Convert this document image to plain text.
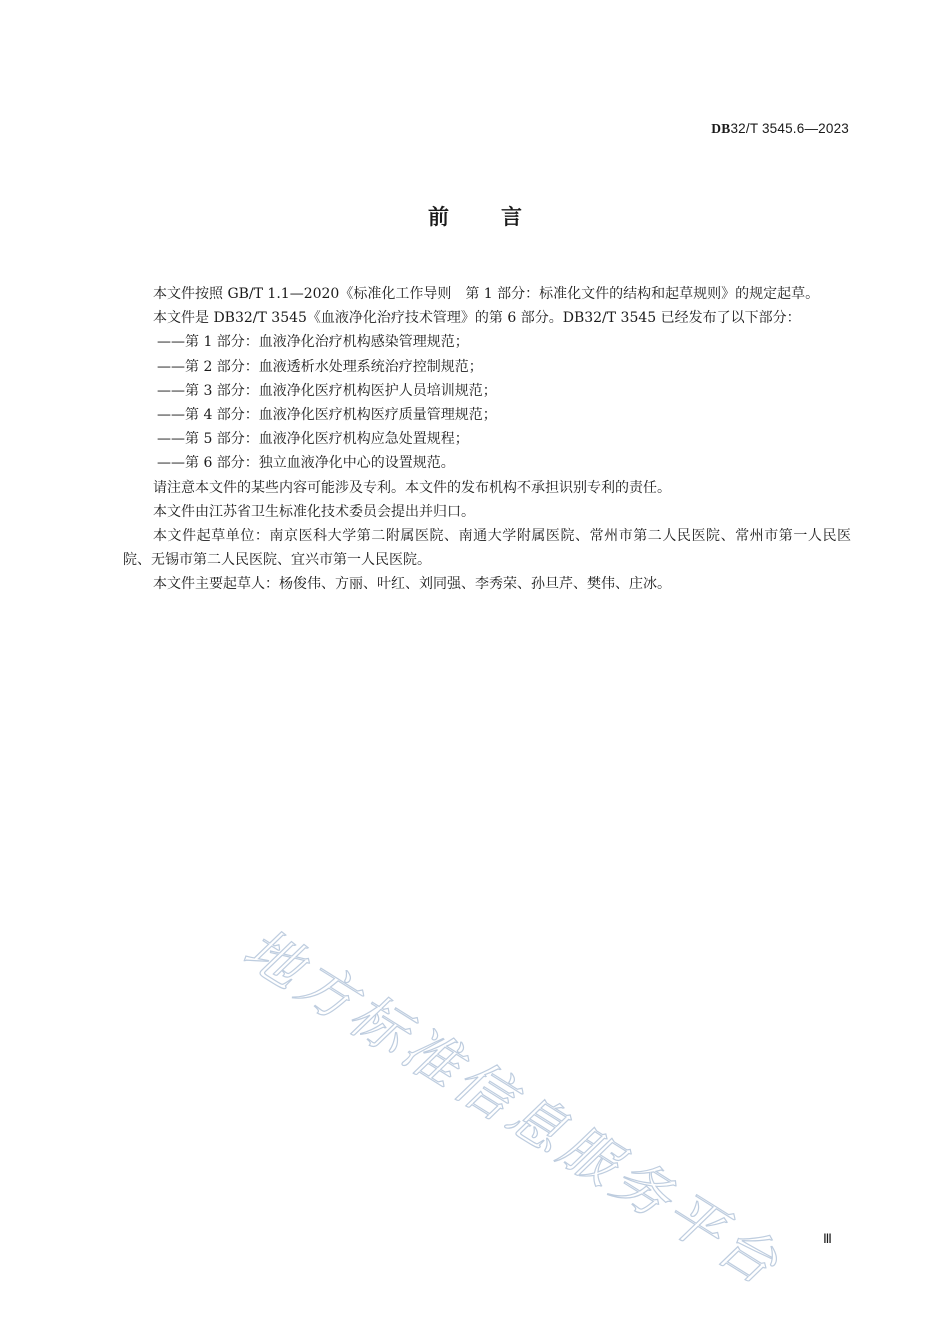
DB32/T 3545.6—2023
前言

本文件按照 GB/T 1.1—2020《标准化工作导则　第 1 部分：标准化文件的结构和起草规则》的规定起草。

本文件是 DB32/T 3545《血液净化治疗技术管理》的第 6 部分。DB32/T 3545 已经发布了以下部分：

——第 1 部分：血液净化治疗机构感染管理规范；

——第 2 部分：血液透析水处理系统治疗控制规范；

——第 3 部分：血液净化医疗机构医护人员培训规范；

——第 4 部分：血液净化医疗机构医疗质量管理规范；

——第 5 部分：血液净化医疗机构应急处置规程；

——第 6 部分：独立血液净化中心的设置规范。

请注意本文件的某些内容可能涉及专利。本文件的发布机构不承担识别专利的责任。

本文件由江苏省卫生标准化技术委员会提出并归口。

本文件起草单位：南京医科大学第二附属医院、南通大学附属医院、常州市第二人民医院、常州市第一人民医院、无锡市第二人民医院、宜兴市第一人民医院。

本文件主要起草人：杨俊伟、方丽、叶红、刘同强、李秀荣、孙旦芹、樊伟、庄冰。

地方标准信息服务平台	Ⅲ
